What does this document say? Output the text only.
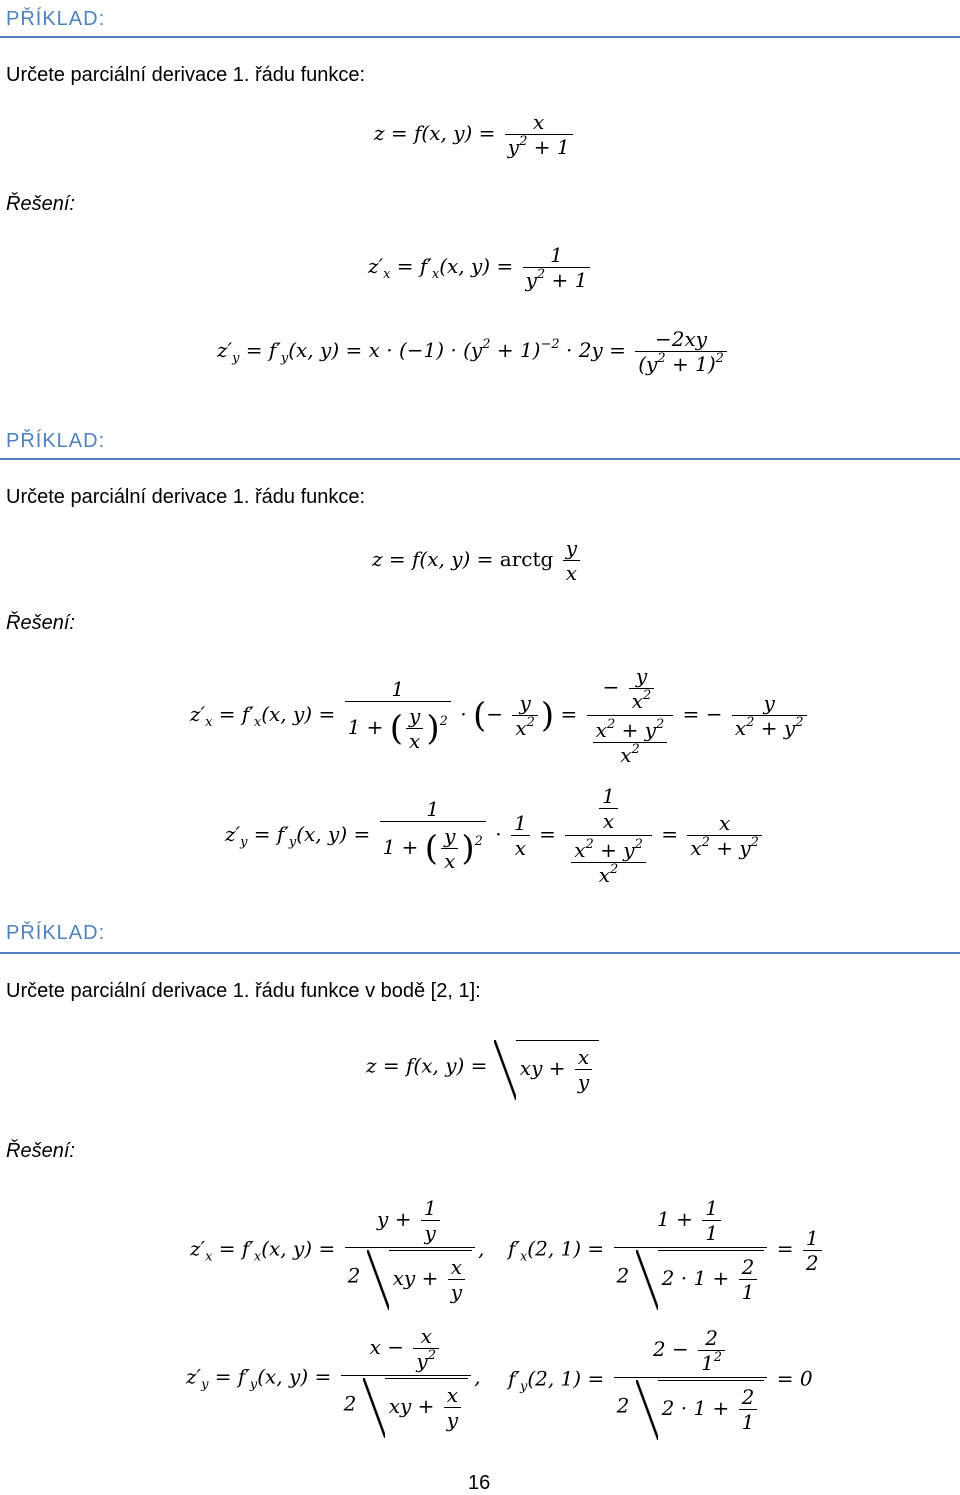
PŘÍKLAD:
Určete parciální derivace 1. řádu funkce:
z = f(x, $y) = \frac{x}{y^2 + 1}$
Řešení:
$z'_x = f'_x(x$, $y) = \frac{1}{y^2 + 1}$
$z'_y = f'_y(x$, $y) = x \cdot (-1) \cdot (y^2 + 1)^{-2} \cdot 2y = \frac{-2xy}{(y^2 + 1)^2}$
PŘÍKLAD:
Určete parciální derivace 1. řádu funkce:
z = f(x, y) = arctg $\frac{y}{x}$
Řešení:
$z'_x = f'_x(x$, $y) = \frac{1}{1 + ( \frac{y}{x} )^2}$ · (− $\frac{y}{x^2}$ ) = $\frac{- \frac{y}{x^2}}{\frac{x^2 + y^2}{x^2}}$ = − $\frac{y}{x^2 + y^2}$
$z'_y = f'_y(x$, $y) = \frac{1}{1 + ( \frac{y}{x} )^2} \cdot \frac{1}{x} = \frac{\frac{1}{x}}{\frac{x^2 + y^2}{x^2}} = \frac{x}{x^2 + y^2}$
PŘÍKLAD:
Určete parciální derivace 1. řádu funkce v bodě [2, 1]:
z = f(x, y) = xy + $\frac{x}{y}$
Řešení:
$z'_x = f'_x(x$, $y) = \frac{y + \frac{1}{y}}{2 xy + \frac{x}{y}}$ , $f'_x(2$, $1) = \frac{1 + \frac{1}{1}}{2 2 \cdot 1 + \frac{2}{1}} = \frac{1}{2}$
$z'_y = f'_y(x$, $y) = \frac{x - \frac{x}{y^2}}{2 xy + \frac{x}{y}}$ , $f'_y(2$, $1) = \frac{2 - \frac{2}{1^2}}{2 2 \cdot 1 + \frac{2}{1}} = 0$
16
